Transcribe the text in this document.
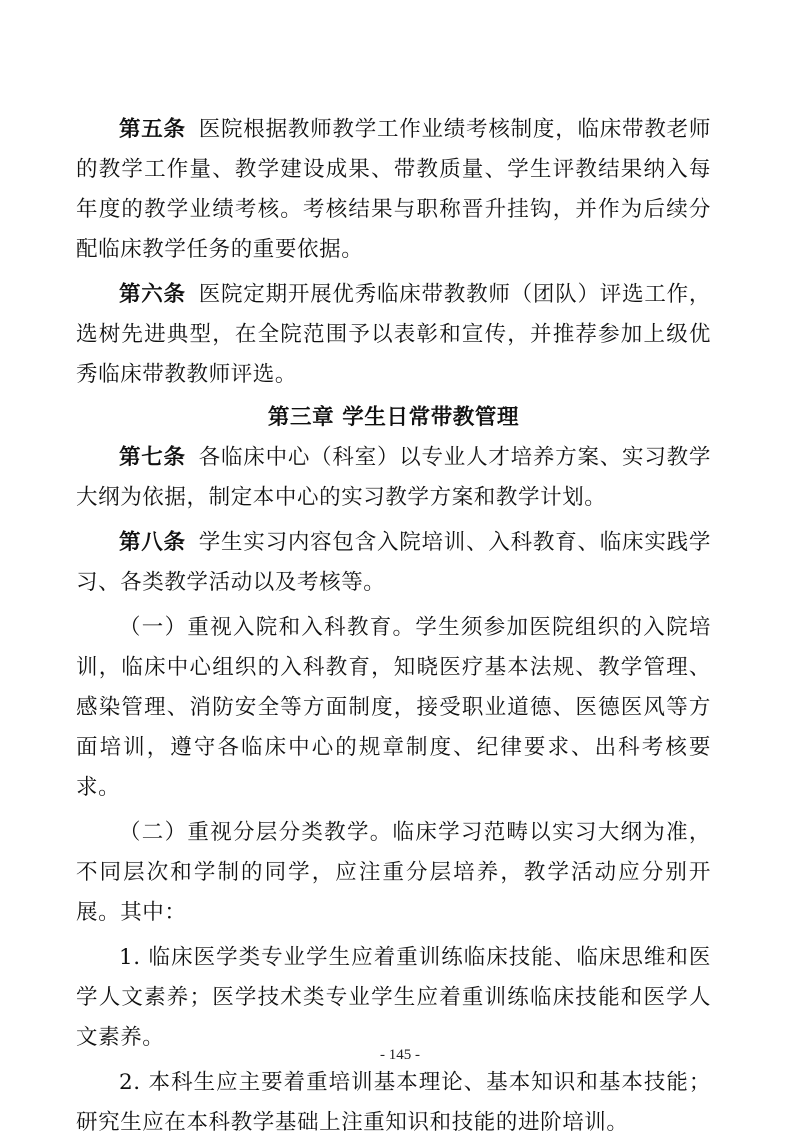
第五条 医院根据教师教学工作业绩考核制度，临床带教老师的教学工作量、教学建设成果、带教质量、学生评教结果纳入每年度的教学业绩考核。考核结果与职称晋升挂钩，并作为后续分配临床教学任务的重要依据。

第六条 医院定期开展优秀临床带教教师（团队）评选工作，选树先进典型，在全院范围予以表彰和宣传，并推荐参加上级优秀临床带教教师评选。

第三章 学生日常带教管理

第七条 各临床中心（科室）以专业人才培养方案、实习教学大纲为依据，制定本中心的实习教学方案和教学计划。

第八条 学生实习内容包含入院培训、入科教育、临床实践学习、各类教学活动以及考核等。

（一）重视入院和入科教育。学生须参加医院组织的入院培训，临床中心组织的入科教育，知晓医疗基本法规、教学管理、感染管理、消防安全等方面制度，接受职业道德、医德医风等方面培训，遵守各临床中心的规章制度、纪律要求、出科考核要求。

（二）重视分层分类教学。临床学习范畴以实习大纲为准，不同层次和学制的同学，应注重分层培养，教学活动应分别开展。其中：

1. 临床医学类专业学生应着重训练临床技能、临床思维和医学人文素养；医学技术类专业学生应着重训练临床技能和医学人文素养。

2. 本科生应主要着重培训基本理论、基本知识和基本技能；研究生应在本科教学基础上注重知识和技能的进阶培训。

- 145 -
